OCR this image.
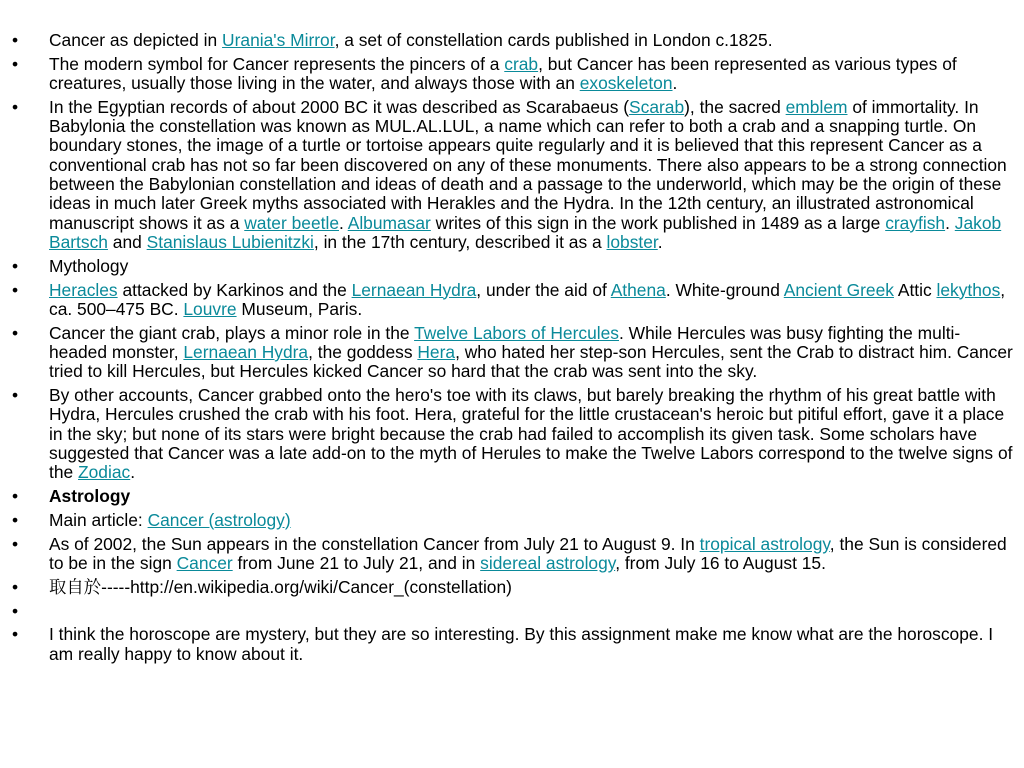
•	Cancer as depicted in Urania's Mirror, a set of constellation cards published in London c.1825.
•	The modern symbol for Cancer represents the pincers of a crab, but Cancer has been represented as various types of creatures, usually those living in the water, and always those with an exoskeleton.
•	In the Egyptian records of about 2000 BC it was described as Scarabaeus (Scarab), the sacred emblem of immortality. In Babylonia the constellation was known as MUL.AL.LUL, a name which can refer to both a crab and a snapping turtle. On boundary stones, the image of a turtle or tortoise appears quite regularly and it is believed that this represent Cancer as a conventional crab has not so far been discovered on any of these monuments. There also appears to be a strong connection between the Babylonian constellation and ideas of death and a passage to the underworld, which may be the origin of these ideas in much later Greek myths associated with Herakles and the Hydra. In the 12th century, an illustrated astronomical manuscript shows it as a water beetle. Albumasar writes of this sign in the work published in 1489 as a large crayfish. Jakob Bartsch and Stanislaus Lubienitzki, in the 17th century, described it as a lobster.
•	Mythology
•	Heracles attacked by Karkinos and the Lernaean Hydra, under the aid of Athena. White-ground Ancient Greek Attic lekythos, ca. 500–475 BC. Louvre Museum, Paris.
•	Cancer the giant crab, plays a minor role in the Twelve Labors of Hercules. While Hercules was busy fighting the multi-headed monster, Lernaean Hydra, the goddess Hera, who hated her step-son Hercules, sent the Crab to distract him. Cancer tried to kill Hercules, but Hercules kicked Cancer so hard that the crab was sent into the sky.
•	By other accounts, Cancer grabbed onto the hero's toe with its claws, but barely breaking the rhythm of his great battle with Hydra, Hercules crushed the crab with his foot. Hera, grateful for the little crustacean's heroic but pitiful effort, gave it a place in the sky; but none of its stars were bright because the crab had failed to accomplish its given task. Some scholars have suggested that Cancer was a late add-on to the myth of Herules to make the Twelve Labors correspond to the twelve signs of the Zodiac.
•	Astrology
•	Main article: Cancer (astrology)
•	As of 2002, the Sun appears in the constellation Cancer from July 21 to August 9. In tropical astrology, the Sun is considered to be in the sign Cancer from June 21 to July 21, and in sidereal astrology, from July 16 to August 15.
•	取自於-----http://en.wikipedia.org/wiki/Cancer_(constellation)
•

•	I think the horoscope are mystery, but they are so interesting. By this assignment make me know what are the horoscope. I am really happy to know about it.
